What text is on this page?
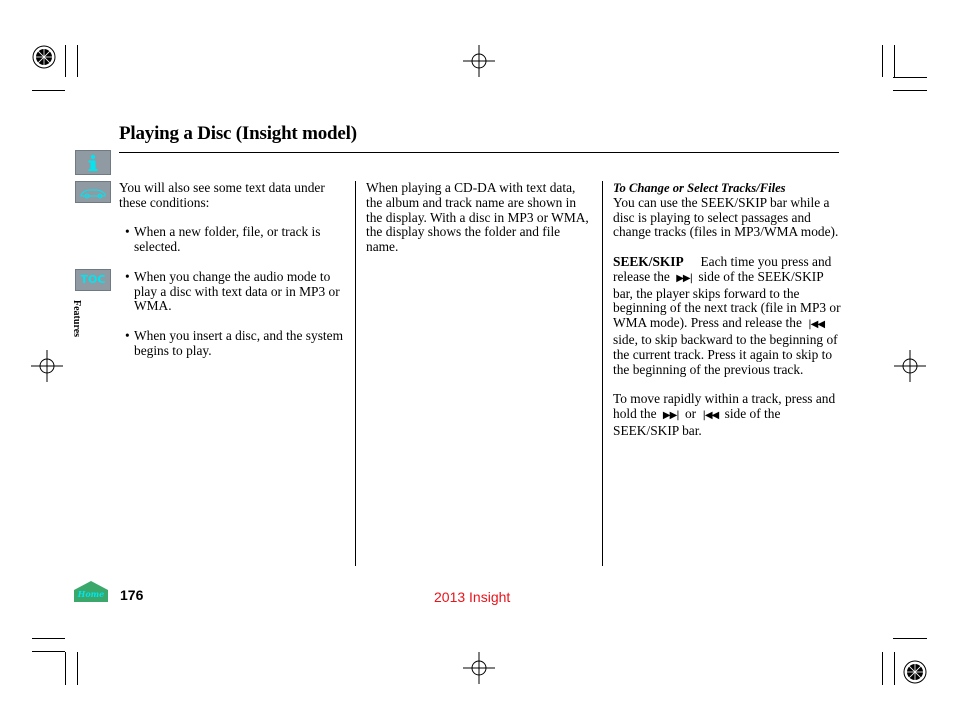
Playing a Disc (Insight model)
TOC
Features
Home

You will also see some text data under these conditions:

• When a new folder, file, or track is selected.

• When you change the audio mode to play a disc with text data or in MP3 or WMA.

• When you insert a disc, and the system begins to play.

When playing a CD-DA with text data, the album and track name are shown in the display. With a disc in MP3 or WMA, the display shows the folder and file name.

To Change or Select Tracks/Files

You can use the SEEK/SKIP bar while a disc is playing to select passages and change tracks (files in MP3/WMA mode).

SEEK/SKIP Each time you press and release the ▶▶| side of the SEEK/SKIP bar, the player skips forward to the beginning of the next track (file in MP3 or WMA mode). Press and release the |◀◀ side, to skip backward to the beginning of the current track. Press it again to skip to the beginning of the previous track.

To move rapidly within a track, press and hold the ▶▶| or |◀◀ side of the SEEK/SKIP bar.

176	2013 Insight
